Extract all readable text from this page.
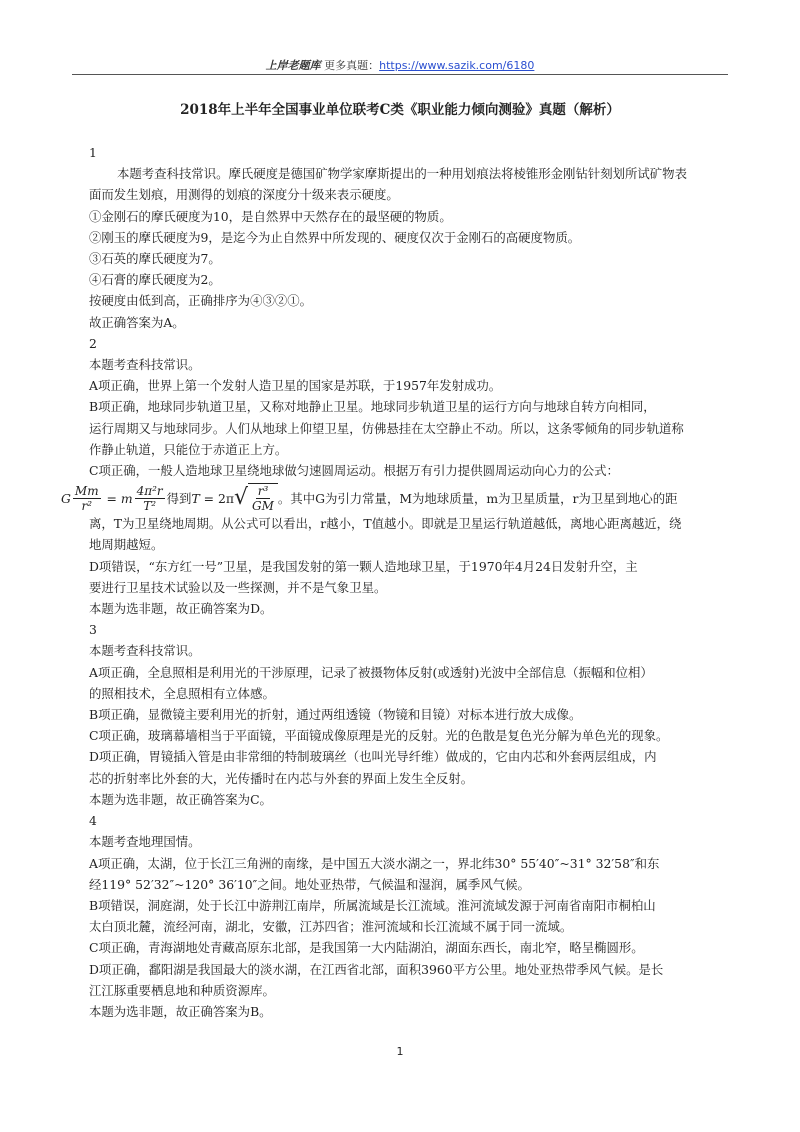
上岸老题库 更多真题：https://www.sazik.com/6180
2018年上半年全国事业单位联考C类《职业能力倾向测验》真题（解析）

1

本题考查科技常识。摩氏硬度是德国矿物学家摩斯提出的一种用划痕法将棱锥形金刚钻针刻划所试矿物表

面而发生划痕，用测得的划痕的深度分十级来表示硬度。

①金刚石的摩氏硬度为10，是自然界中天然存在的最坚硬的物质。

②刚玉的摩氏硬度为9，是迄今为止自然界中所发现的、硬度仅次于金刚石的高硬度物质。

③石英的摩氏硬度为7。

④石膏的摩氏硬度为2。

按硬度由低到高，正确排序为④③②①。

故正确答案为A。

2

本题考查科技常识。

A项正确，世界上第一个发射人造卫星的国家是苏联，于1957年发射成功。

B项正确，地球同步轨道卫星，又称对地静止卫星。地球同步轨道卫星的运行方向与地球自转方向相同，

运行周期又与地球同步。人们从地球上仰望卫星，仿佛悬挂在太空静止不动。所以，这条零倾角的同步轨道称

作静止轨道，只能位于赤道正上方。

C项正确，一般人造地球卫星绕地球做匀速圆周运动。根据万有引力提供圆周运动向心力的公式：

G $\frac{Mm}{\text{r²}} = m \frac{\text{4π²r}}{\text{T²}}$ 得到 T = 2π √ $\frac{\text{r³}}{GM}$ 。其中G为引力常量，M为地球质量，m为卫星质量，r为卫星到地心的距

离，T为卫星绕地周期。从公式可以看出，r越小，T值越小。即就是卫星运行轨道越低，离地心距离越近，绕

地周期越短。

D项错误，“东方红一号”卫星，是我国发射的第一颗人造地球卫星，于1970年4月24日发射升空，主

要进行卫星技术试验以及一些探测，并不是气象卫星。

本题为选非题，故正确答案为D。

3

本题考查科技常识。

A项正确，全息照相是利用光的干涉原理，记录了被摄物体反射(或透射)光波中全部信息（振幅和位相）

的照相技术，全息照相有立体感。

B项正确，显微镜主要利用光的折射，通过两组透镜（物镜和目镜）对标本进行放大成像。

C项正确，玻璃幕墙相当于平面镜，平面镜成像原理是光的反射。光的色散是复色光分解为单色光的现象。

D项正确，胃镜插入管是由非常细的特制玻璃丝（也叫光导纤维）做成的，它由内芯和外套两层组成，内

芯的折射率比外套的大，光传播时在内芯与外套的界面上发生全反射。

本题为选非题，故正确答案为C。

4

本题考查地理国情。

A项正确，太湖，位于长江三角洲的南缘，是中国五大淡水湖之一，界北纬30° 55′40″~31° 32′58″和东

经119° 52′32″~120° 36′10″之间。地处亚热带，气候温和湿润，属季风气候。

B项错误，洞庭湖，处于长江中游荆江南岸，所属流域是长江流域。淮河流域发源于河南省南阳市桐柏山

太白顶北麓，流经河南，湖北，安徽，江苏四省；淮河流域和长江流域不属于同一流域。

C项正确，青海湖地处青藏高原东北部，是我国第一大内陆湖泊，湖面东西长，南北窄，略呈椭圆形。

D项正确，鄱阳湖是我国最大的淡水湖，在江西省北部，面积3960平方公里。地处亚热带季风气候。是长

江江豚重要栖息地和种质资源库。

本题为选非题，故正确答案为B。

1
